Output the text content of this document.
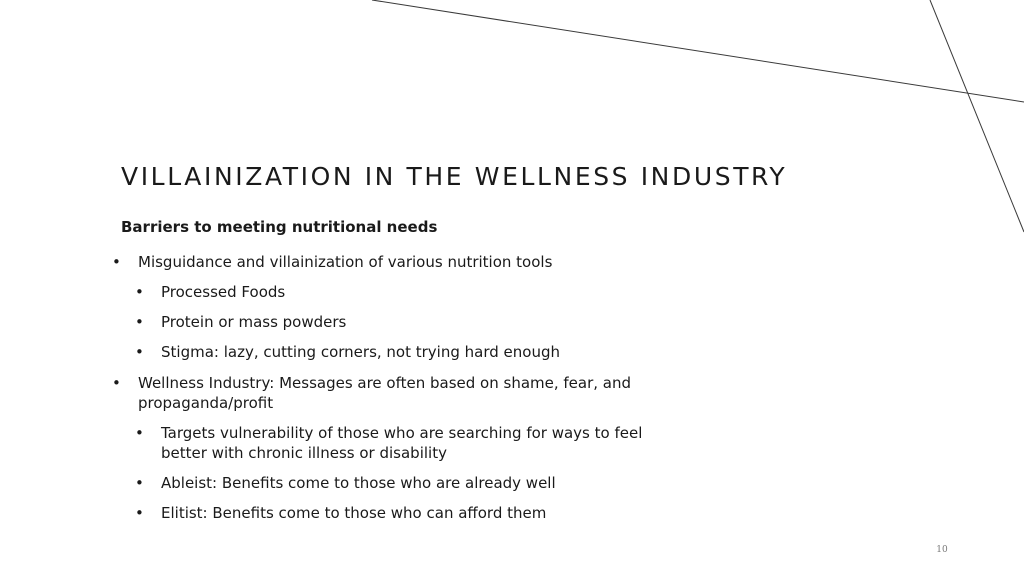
VILLAINIZATION IN THE WELLNESS INDUSTRY
Barriers to meeting nutritional needs
• Misguidance and villainization of various nutrition tools
• Processed Foods
• Protein or mass powders
• Stigma: lazy, cutting corners, not trying hard enough
• Wellness Industry: Messages are often based on shame, fear, and
propaganda/profit
• Targets vulnerability of those who are searching for ways to feel
better with chronic illness or disability
• Ableist: Benefits come to those who are already well
• Elitist: Benefits come to those who can afford them
10
